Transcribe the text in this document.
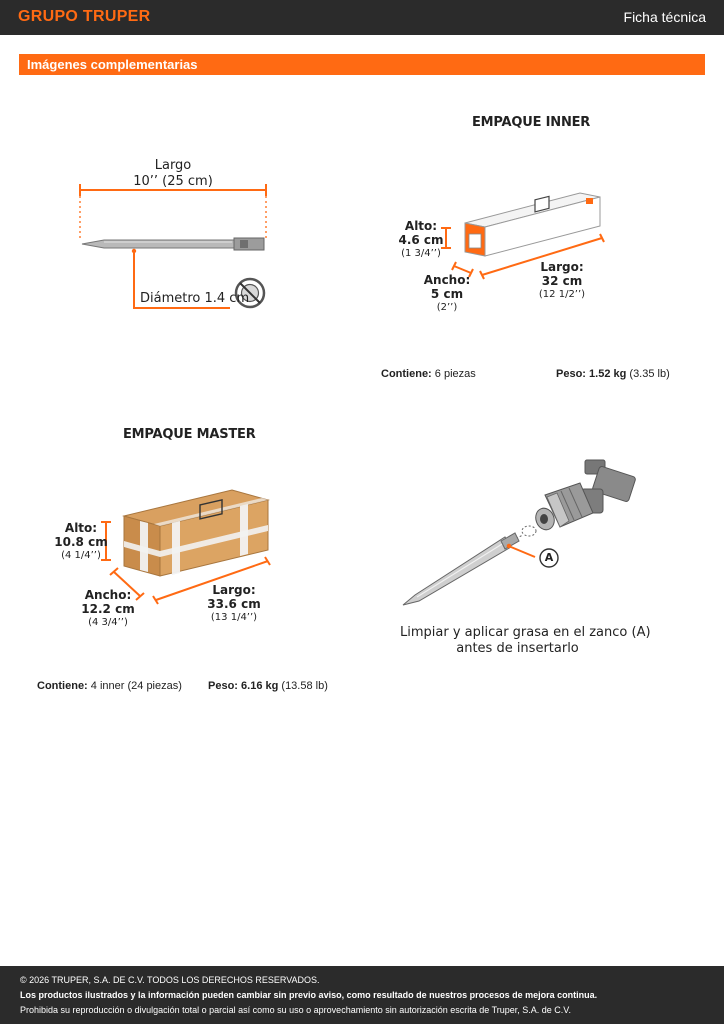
GRUPO TRUPER	Ficha técnica
Imágenes complementarias
Largo
10’’ (25 cm)
Diámetro 1.4 cm
EMPAQUE INNER
Alto:
4.6 cm
(1 3/4’’)
Ancho:
5 cm
(2’’)
Largo:
32 cm
(12 1/2’’)
Contiene: 6 piezas	Peso: 1.52 kg (3.35 lb)
EMPAQUE MASTER
Alto:
10.8 cm
(4 1/4’’)
Ancho:
12.2 cm
(4 3/4’’)
Largo:
33.6 cm
(13 1/4’’)
Contiene: 4 inner (24 piezas) Peso: 6.16 kg (13.58 lb)
A
Limpiar y aplicar grasa en el zanco (A)
antes de insertarlo
© 2026 TRUPER, S.A. DE C.V. TODOS LOS DERECHOS RESERVADOS.
Los productos ilustrados y la información pueden cambiar sin previo aviso, como resultado de nuestros procesos de mejora continua.
Prohibida su reproducción o divulgación total o parcial así como su uso o aprovechamiento sin autorización escrita de Truper, S.A. de C.V.
